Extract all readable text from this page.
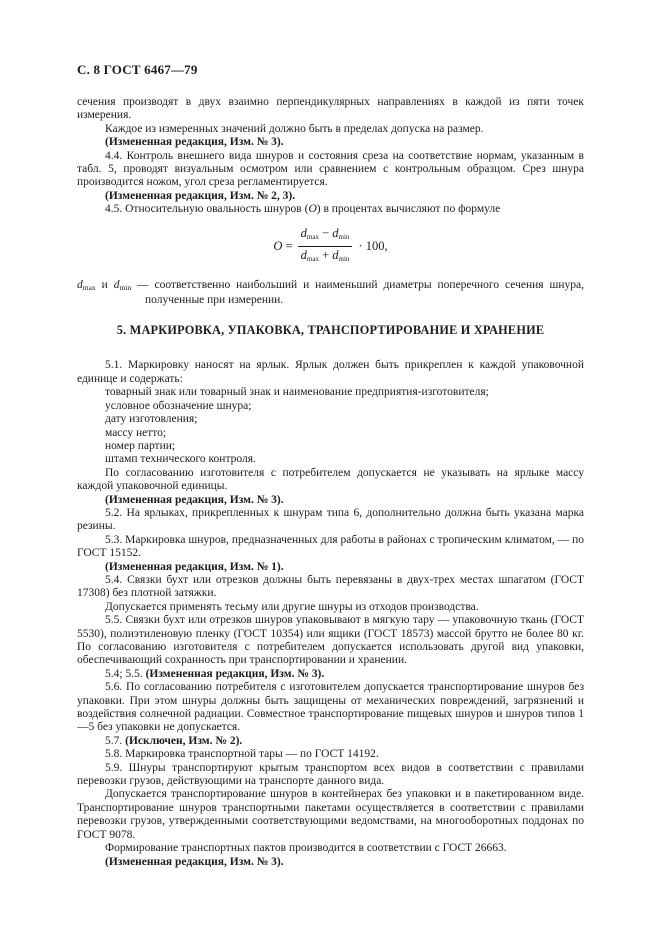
С. 8 ГОСТ 6467—79
сечения производят в двух взаимно перпендикулярных направлениях в каждой из пяти точек измерения.
Каждое из измеренных значений должно быть в пределах допуска на размер.
(Измененная редакция, Изм. № 3).
4.4. Контроль внешнего вида шнуров и состояния среза на соответствие нормам, указанным в табл. 5, проводят визуальным осмотром или сравнением с контрольным образцом. Срез шнура производится ножом, угол среза регламентируется.
(Измененная редакция, Изм. № 2, 3).
4.5. Относительную овальность шнуров (О) в процентах вычисляют по формуле
$О = \frac{dmax - dmin}{dmax + dmin} \cdot 100$,
$d_{max}$ и $d_{min}$ — соответственно наибольший и наименьший диаметры поперечного сечения шнура, полученные при измерении.
5. МАРКИРОВКА, УПАКОВКА, ТРАНСПОРТИРОВАНИЕ И ХРАНЕНИЕ
5.1. Маркировку наносят на ярлык. Ярлык должен быть прикреплен к каждой упаковочной единице и содержать:
товарный знак или товарный знак и наименование предприятия-изготовителя;
условное обозначение шнура;
дату изготовления;
массу нетто;
номер партии;
штамп технического контроля.
По согласованию изготовителя с потребителем допускается не указывать на ярлыке массу каждой упаковочной единицы.
(Измененная редакция, Изм. № 3).
5.2. На ярлыках, прикрепленных к шнурам типа 6, дополнительно должна быть указана марка резины.
5.3. Маркировка шнуров, предназначенных для работы в районах с тропическим климатом, — по ГОСТ 15152.
(Измененная редакция, Изм. № 1).
5.4. Связки бухт или отрезков должны быть перевязаны в двух-трех местах шпагатом (ГОСТ 17308) без плотной затяжки.
Допускается применять тесьму или другие шнуры из отходов производства.
5.5. Связки бухт или отрезков шнуров упаковывают в мягкую тару — упаковочную ткань (ГОСТ 5530), полиэтиленовую пленку (ГОСТ 10354) или ящики (ГОСТ 18573) массой брутто не более 80 кг. По согласованию изготовителя с потребителем допускается использовать другой вид упаковки, обеспечивающий сохранность при транспортировании и хранении.
5.4; 5.5. (Измененная редакция, Изм. № 3).
5.6. По согласованию потребителя с изготовителем допускается транспортирование шнуров без упаковки. При этом шнуры должны быть защищены от механических повреждений, загрязнений и воздействия солнечной радиации. Совместное транспортирование пищевых шнуров и шнуров типов 1—5 без упаковки не допускается.
5.7. (Исключен, Изм. № 2).
5.8. Маркировка транспортной тары — по ГОСТ 14192.
5.9. Шнуры транспортируют крытым транспортом всех видов в соответствии с правилами перевозки грузов, действующими на транспорте данного вида.
Допускается транспортирование шнуров в контейнерах без упаковки и в пакетированном виде. Транспортирование шнуров транспортными пакетами осуществляется в соответствии с правилами перевозки грузов, утвержденными соответствующими ведомствами, на многооборотных поддонах по ГОСТ 9078.
Формирование транспортных пактов производится в соответствии с ГОСТ 26663.
(Измененная редакция, Изм. № 3).
